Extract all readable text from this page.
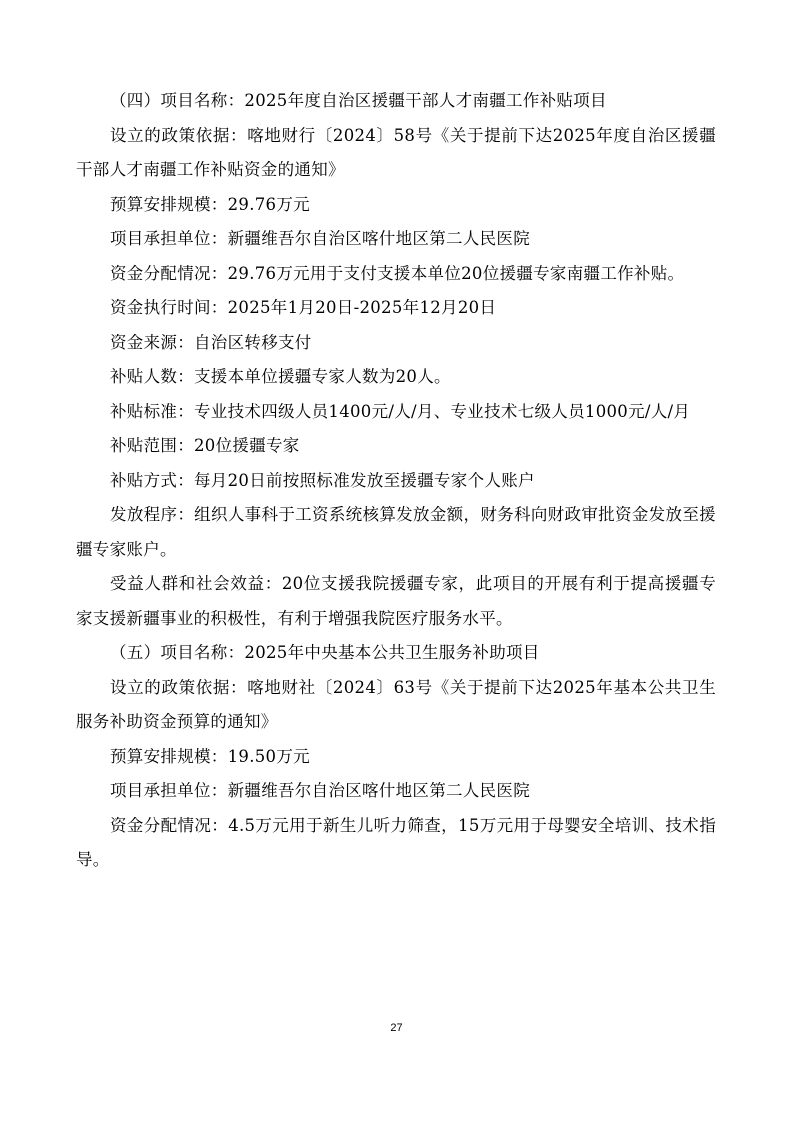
（四）项目名称：2025年度自治区援疆干部人才南疆工作补贴项目

设立的政策依据：喀地财行〔2024〕58号《关于提前下达2025年度自治区援疆干部人才南疆工作补贴资金的通知》

预算安排规模：29.76万元

项目承担单位：新疆维吾尔自治区喀什地区第二人民医院

资金分配情况：29.76万元用于支付支援本单位20位援疆专家南疆工作补贴。

资金执行时间：2025年1月20日-2025年12月20日

资金来源：自治区转移支付

补贴人数：支援本单位援疆专家人数为20人。

补贴标准：专业技术四级人员1400元/人/月、专业技术七级人员1000元/人/月

补贴范围：20位援疆专家

补贴方式：每月20日前按照标准发放至援疆专家个人账户

发放程序：组织人事科于工资系统核算发放金额，财务科向财政审批资金发放至援疆专家账户。

受益人群和社会效益：20位支援我院援疆专家，此项目的开展有利于提高援疆专家支援新疆事业的积极性，有利于增强我院医疗服务水平。

（五）项目名称：2025年中央基本公共卫生服务补助项目

设立的政策依据：喀地财社〔2024〕63号《关于提前下达2025年基本公共卫生服务补助资金预算的通知》

预算安排规模：19.50万元

项目承担单位：新疆维吾尔自治区喀什地区第二人民医院

资金分配情况：4.5万元用于新生儿听力筛查，15万元用于母婴安全培训、技术指导。

27
